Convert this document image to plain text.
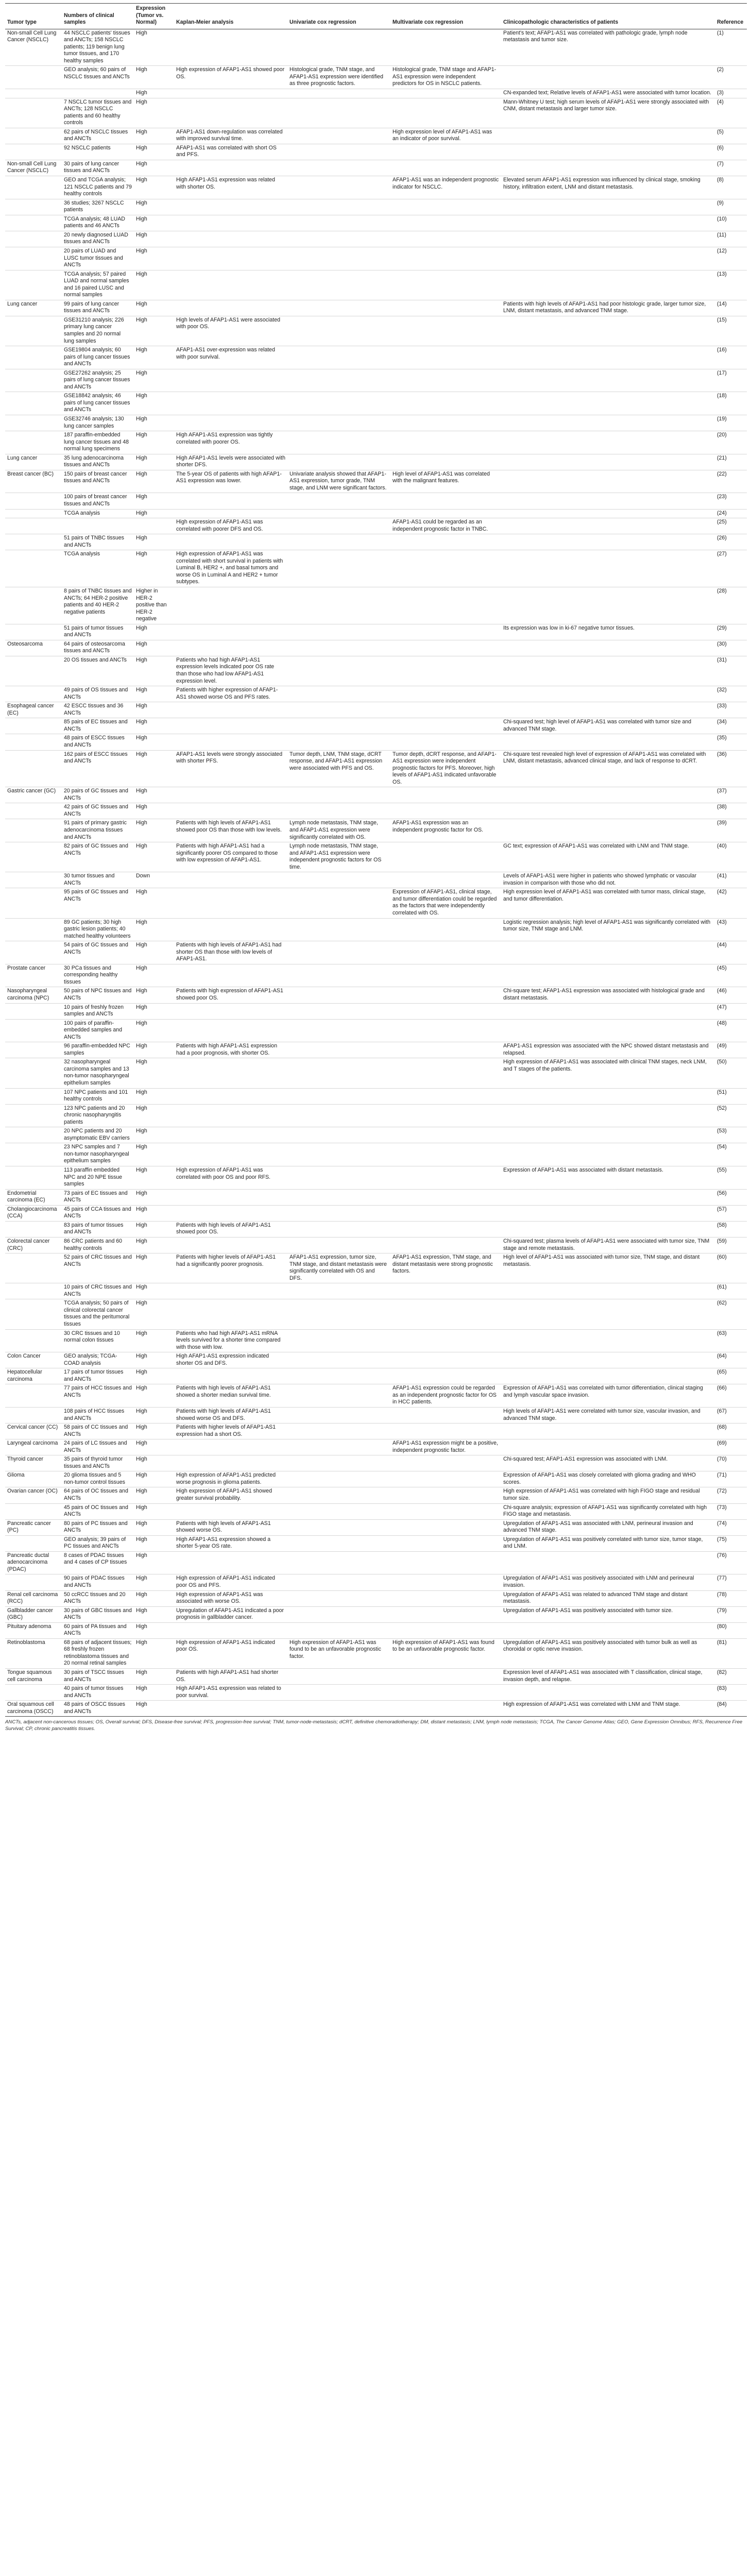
Tumor type	Numbers of clinical samples	Expression (Tumor vs. Normal)	Kaplan-Meier analysis	Univariate cox regression	Multivariate cox regression	Clinicopathologic characteristics of patients	Reference
Non-small Cell Lung Cancer (NSCLC)	44 NSCLC patients' tissues and ANCTs; 158 NSCLC patients; 119 benign lung tumor tissues, and 170 healthy samples	High				Patient's text; AFAP1-AS1 was correlated with pathologic grade, lymph node metastasis and tumor size.	(1)
	GEO analysis; 60 pairs of NSCLC tissues and ANCTs	High	High expression of AFAP1-AS1 showed poor OS.	Histological grade, TNM stage, and AFAP1-AS1 expression were identified as three prognostic factors.	Histological grade, TNM stage and AFAP1-AS1 expression were independent predictors for OS in NSCLC patients.		(2)
		High				CN-expanded text; Relative levels of AFAP1-AS1 were associated with tumor location.	(3)
	7 NSCLC tumor tissues and ANCTs; 128 NSCLC patients and 60 healthy controls	High				Mann-Whitney U test; high serum levels of AFAP1-AS1 were strongly associated with CNM, distant metastasis and larger tumor size.	(4)
	62 pairs of NSCLC tissues and ANCTs	High	AFAP1-AS1 down-regulation was correlated with improved survival time.		High expression level of AFAP1-AS1 was an indicator of poor survival.		(5)
	92 NSCLC patients	High	AFAP1-AS1 was correlated with short OS and PFS.				(6)
Non-small Cell Lung Cancer (NSCLC)	30 pairs of lung cancer tissues and ANCTs	High					(7)
	GEO and TCGA analysis; 121 NSCLC patients and 79 healthy controls	High	High AFAP1-AS1 expression was related with shorter OS.		AFAP1-AS1 was an independent prognostic indicator for NSCLC.	Elevated serum AFAP1-AS1 expression was influenced by clinical stage, smoking history, infiltration extent, LNM and distant metastasis.	(8)
	36 studies; 3267 NSCLC patients	High					(9)
	TCGA analysis; 48 LUAD patients and 46 ANCTs	High					(10)
	20 newly diagnosed LUAD tissues and ANCTs	High					(11)
	20 pairs of LUAD and LUSC tumor tissues and ANCTs	High					(12)
	TCGA analysis; 57 paired LUAD and normal samples and 16 paired LUSC and normal samples	High					(13)
Lung cancer	99 pairs of lung cancer tissues and ANCTs	High				Patients with high levels of AFAP1-AS1 had poor histologic grade, larger tumor size, LNM, distant metastasis, and advanced TNM stage.	(14)
	GSE31210 analysis; 226 primary lung cancer samples and 20 normal lung samples	High	High levels of AFAP1-AS1 were associated with poor OS.				(15)
	GSE19804 analysis; 60 pairs of lung cancer tissues and ANCTs	High	AFAP1-AS1 over-expression was related with poor survival.				(16)
	GSE27262 analysis; 25 pairs of lung cancer tissues and ANCTs	High					(17)
	GSE18842 analysis; 46 pairs of lung cancer tissues and ANCTs	High					(18)
	GSE32746 analysis; 130 lung cancer samples	High					(19)
	187 paraffin-embedded lung cancer tissues and 48 normal lung specimens	High	High AFAP1-AS1 expression was tightly correlated with poorer OS.				(20)
Lung cancer	35 lung adenocarcinoma tissues and ANCTs	High	High AFAP1-AS1 levels were associated with shorter DFS.				(21)
Breast cancer (BC)	150 pairs of breast cancer tissues and ANCTs	High	The 5-year OS of patients with high AFAP1-AS1 expression was lower.	Univariate analysis showed that AFAP1-AS1 expression, tumor grade, TNM stage, and LNM were significant factors.	High level of AFAP1-AS1 was correlated with the malignant features.		(22)
	100 pairs of breast cancer tissues and ANCTs	High					(23)
	TCGA analysis	High					(24)
			High expression of AFAP1-AS1 was correlated with poorer DFS and OS.		AFAP1-AS1 could be regarded as an independent prognostic factor in TNBC.		(25)
	51 pairs of TNBC tissues and ANCTs	High					(26)
	TCGA analysis	High	High expression of AFAP1-AS1 was correlated with short survival in patients with Luminal B, HER2 +, and basal tumors and worse OS in Luminal A and HER2 + tumor subtypes.				(27)
	8 pairs of TNBC tissues and ANCTs; 64 HER-2 positive patients and 40 HER-2 negative patients	Higher in HER-2 positive than HER-2 negative					(28)
	51 pairs of tumor tissues and ANCTs	High				Its expression was low in ki-67 negative tumor tissues.	(29)
Osteosarcoma	64 pairs of osteosarcoma tissues and ANCTs	High					(30)
	20 OS tissues and ANCTs	High	Patients who had high AFAP1-AS1 expression levels indicated poor OS rate than those who had low AFAP1-AS1 expression level.				(31)
	49 pairs of OS tissues and ANCTs	High	Patients with higher expression of AFAP1-AS1 showed worse OS and PFS rates.				(32)
Esophageal cancer (EC)	42 ESCC tissues and 36 ANCTs	High					(33)
	85 pairs of EC tissues and ANCTs	High				Chi-squared test; high level of AFAP1-AS1 was correlated with tumor size and advanced TNM stage.	(34)
	48 pairs of ESCC tissues and ANCTs	High					(35)
	162 pairs of ESCC tissues and ANCTs	High	AFAP1-AS1 levels were strongly associated with shorter PFS.	Tumor depth, LNM, TNM stage, dCRT response, and AFAP1-AS1 expression were associated with PFS and OS.	Tumor depth, dCRT response, and AFAP1-AS1 expression were independent prognostic factors for PFS. Moreover, high levels of AFAP1-AS1 indicated unfavorable OS.	Chi-square test revealed high level of expression of AFAP1-AS1 was correlated with LNM, distant metastasis, advanced clinical stage, and lack of response to dCRT.	(36)
Gastric cancer (GC)	20 pairs of GC tissues and ANCTs	High					(37)
	42 pairs of GC tissues and ANCTs	High					(38)
	91 pairs of primary gastric adenocarcinoma tissues and ANCTs	High	Patients with high levels of AFAP1-AS1 showed poor OS than those with low levels.	Lymph node metastasis, TNM stage, and AFAP1-AS1 expression were significantly correlated with OS.	AFAP1-AS1 expression was an independent prognostic factor for OS.		(39)
	82 pairs of GC tissues and ANCTs	High	Patients with high AFAP1-AS1 had a significantly poorer OS compared to those with low expression of AFAP1-AS1.	Lymph node metastasis, TNM stage, and AFAP1-AS1 expression were independent prognostic factors for OS time.		GC text; expression of AFAP1-AS1 was correlated with LNM and TNM stage.	(40)
	30 tumor tissues and ANCTs	Down				Levels of AFAP1-AS1 were higher in patients who showed lymphatic or vascular invasion in comparison with those who did not.	(41)
	95 pairs of GC tissues and ANCTs	High			Expression of AFAP1-AS1, clinical stage, and tumor differentiation could be regarded as the factors that were independently correlated with OS.	High expression level of AFAP1-AS1 was correlated with tumor mass, clinical stage, and tumor differentiation.	(42)
	89 GC patients; 30 high gastric lesion patients; 40 matched healthy volunteers	High				Logistic regression analysis; high level of AFAP1-AS1 was significantly correlated with tumor size, TNM stage and LNM.	(43)
	54 pairs of GC tissues and ANCTs	High	Patients with high levels of AFAP1-AS1 had shorter OS than those with low levels of AFAP1-AS1.				(44)
Prostate cancer	30 PCa tissues and corresponding healthy tissues	High					(45)
Nasopharyngeal carcinoma (NPC)	50 pairs of NPC tissues and ANCTs	High	Patients with high expression of AFAP1-AS1 showed poor OS.			Chi-square test; AFAP1-AS1 expression was associated with histological grade and distant metastasis.	(46)
	10 pairs of freshly frozen samples and ANCTs	High					(47)
	100 pairs of paraffin-embedded samples and ANCTs	High					(48)
	96 paraffin-embedded NPC samples	High	Patients with high AFAP1-AS1 expression had a poor prognosis, with shorter OS.			AFAP1-AS1 expression was associated with the NPC showed distant metastasis and relapsed.	(49)
	32 nasopharyngeal carcinoma samples and 13 non-tumor nasopharyngeal epithelium samples	High				High expression of AFAP1-AS1 was associated with clinical TNM stages, neck LNM, and T stages of the patients.	(50)
	107 NPC patients and 101 healthy controls	High					(51)
	123 NPC patients and 20 chronic nasopharyngitis patients	High					(52)
	20 NPC patients and 20 asymptomatic EBV carriers	High					(53)
	23 NPC samples and 7 non-tumor nasopharyngeal epithelium samples	High					(54)
	113 paraffin embedded NPC and 20 NPE tissue samples	High	High expression of AFAP1-AS1 was correlated with poor OS and poor RFS.			Expression of AFAP1-AS1 was associated with distant metastasis.	(55)
Endometrial carcinoma (EC)	73 pairs of EC tissues and ANCTs	High					(56)
Cholangiocarcinoma (CCA)	45 pairs of CCA tissues and ANCTs	High					(57)
	83 pairs of tumor tissues and ANCTs	High	Patients with high levels of AFAP1-AS1 showed poor OS.				(58)
Colorectal cancer (CRC)	86 CRC patients and 60 healthy controls	High				Chi-squared test; plasma levels of AFAP1-AS1 were associated with tumor size, TNM stage and remote metastasis.	(59)
	52 pairs of CRC tissues and ANCTs	High	Patients with higher levels of AFAP1-AS1 had a significantly poorer prognosis.	AFAP1-AS1 expression, tumor size, TNM stage, and distant metastasis were significantly correlated with OS and DFS.	AFAP1-AS1 expression, TNM stage, and distant metastasis were strong prognostic factors.	High level of AFAP1-AS1 was associated with tumor size, TNM stage, and distant metastasis.	(60)
	10 pairs of CRC tissues and ANCTs	High					(61)
	TCGA analysis; 50 pairs of clinical colorectal cancer tissues and the peritumoral tissues	High					(62)
	30 CRC tissues and 10 normal colon tissues	High	Patients who had high AFAP1-AS1 mRNA levels survived for a shorter time compared with those with low.				(63)
Colon Cancer	GEO analysis; TCGA-COAD analysis	High	High AFAP1-AS1 expression indicated shorter OS and DFS.				(64)
Hepatocellular carcinoma	17 pairs of tumor tissues and ANCTs	High					(65)
	77 pairs of HCC tissues and ANCTs	High	Patients with high levels of AFAP1-AS1 showed a shorter median survival time.		AFAP1-AS1 expression could be regarded as an independent prognostic factor for OS in HCC patients.	Expression of AFAP1-AS1 was correlated with tumor differentiation, clinical staging and lymph vascular space invasion.	(66)
	108 pairs of HCC tissues and ANCTs	High	Patients with high levels of AFAP1-AS1 showed worse OS and DFS.			High levels of AFAP1-AS1 were correlated with tumor size, vascular invasion, and advanced TNM stage.	(67)
Cervical cancer (CC)	58 pairs of CC tissues and ANCTs	High	Patients with higher levels of AFAP1-AS1 expression had a short OS.				(68)
Laryngeal carcinoma	24 pairs of LC tissues and ANCTs	High			AFAP1-AS1 expression might be a positive, independent prognostic factor.		(69)
Thyroid cancer	35 pairs of thyroid tumor tissues and ANCTs	High				Chi-squared test; AFAP1-AS1 expression was associated with LNM.	(70)
Glioma	20 glioma tissues and 5 non-tumor control tissues	High	High expression of AFAP1-AS1 predicted worse prognosis in glioma patients.			Expression of AFAP1-AS1 was closely correlated with glioma grading and WHO scores.	(71)
Ovarian cancer (OC)	64 pairs of OC tissues and ANCTs	High	High expression of AFAP1-AS1 showed greater survival probability.			High expression of AFAP1-AS1 was correlated with high FIGO stage and residual tumor size.	(72)
	45 pairs of OC tissues and ANCTs	High				Chi-square analysis; expression of AFAP1-AS1 was significantly correlated with high FIGO stage and metastasis.	(73)
Pancreatic cancer (PC)	80 pairs of PC tissues and ANCTs	High	Patients with high levels of AFAP1-AS1 showed worse OS.			Upregulation of AFAP1-AS1 was associated with LNM, perineural invasion and advanced TNM stage.	(74)
	GEO analysis; 39 pairs of PC tissues and ANCTs	High	High AFAP1-AS1 expression showed a shorter 5-year OS rate.			Upregulation of AFAP1-AS1 was positively correlated with tumor size, tumor stage, and LNM.	(75)
Pancreatic ductal adenocarcinoma (PDAC)	8 cases of PDAC tissues and 4 cases of CP tissues	High					(76)
	90 pairs of PDAC tissues and ANCTs	High	High expression of AFAP1-AS1 indicated poor OS and PFS.			Upregulation of AFAP1-AS1 was positively associated with LNM and perineural invasion.	(77)
Renal cell carcinoma (RCC)	50 ccRCC tissues and 20 ANCTs	High	High expression of AFAP1-AS1 was associated with worse OS.			Upregulation of AFAP1-AS1 was related to advanced TNM stage and distant metastasis.	(78)
Gallbladder cancer (GBC)	30 pairs of GBC tissues and ANCTs	High	Upregulation of AFAP1-AS1 indicated a poor prognosis in gallbladder cancer.			Upregulation of AFAP1-AS1 was positively associated with tumor size.	(79)
Pituitary adenoma	60 pairs of PA tissues and ANCTs	High					(80)
Retinoblastoma	68 pairs of adjacent tissues; 68 freshly frozen retinoblastoma tissues and 20 normal retinal samples	High	High expression of AFAP1-AS1 indicated poor OS.	High expression of AFAP1-AS1 was found to be an unfavorable prognostic factor.	High expression of AFAP1-AS1 was found to be an unfavorable prognostic factor.	Upregulation of AFAP1-AS1 was positively associated with tumor bulk as well as choroidal or optic nerve invasion.	(81)
Tongue squamous cell carcinoma	30 pairs of TSCC tissues and ANCTs	High	Patients with high AFAP1-AS1 had shorter OS.			Expression level of AFAP1-AS1 was associated with T classification, clinical stage, invasion depth, and relapse.	(82)
	40 pairs of tumor tissues and ANCTs	High	High AFAP1-AS1 expression was related to poor survival.				(83)
Oral squamous cell carcinoma (OSCC)	48 pairs of OSCC tissues and ANCTs	High				High expression of AFAP1-AS1 was correlated with LNM and TNM stage.	(84)
ANCTs, adjacent non-cancerous tissues; OS, Overall survival; DFS, Disease-free survival; PFS, progression-free survival; TNM, tumor-node-metastasis; dCRT, definitive chemoradiotherapy; DM, distant metastasis; LNM, lymph node metastasis; TCGA, The Cancer Genome Atlas; GEO, Gene Expression Omnibus; RFS, Recurrence Free Survival; CP, chronic pancreatitis tissues.
